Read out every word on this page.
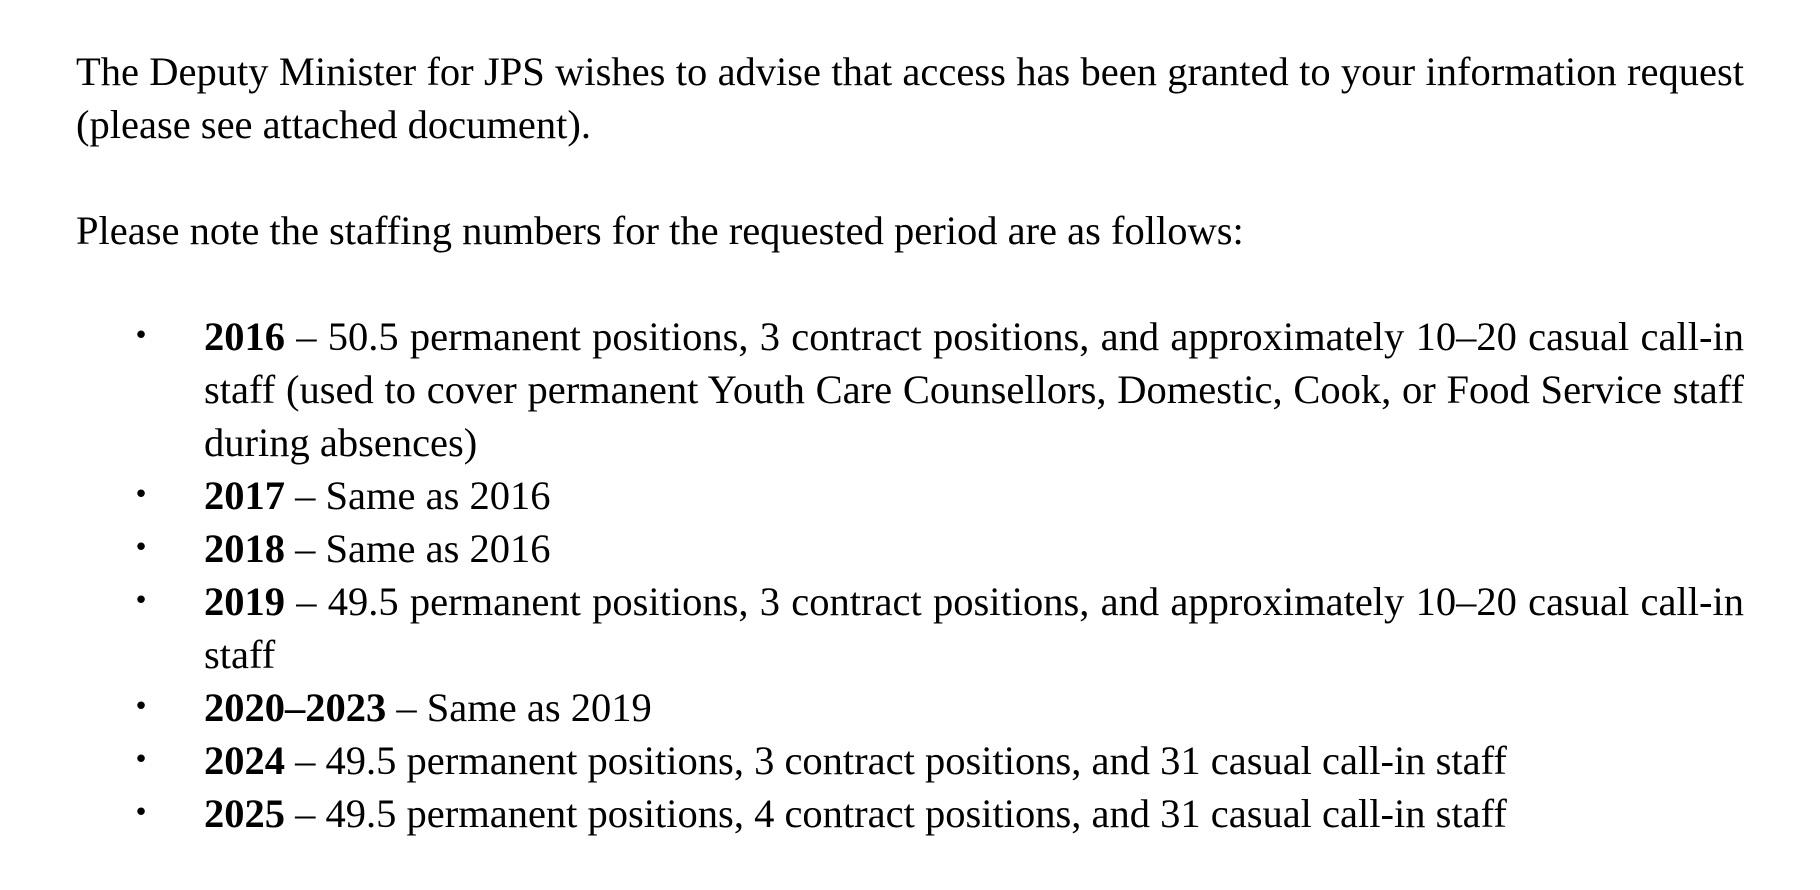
The Deputy Minister for JPS wishes to advise that access has been granted to your information request (please see attached document).

Please note the staffing numbers for the requested period are as follows:

• 2016 – 50.5 permanent positions, 3 contract positions, and approximately 10–20 casual call-in staff (used to cover permanent Youth Care Counsellors, Domestic, Cook, or Food Service staff during absences)
• 2017 – Same as 2016
• 2018 – Same as 2016
• 2019 – 49.5 permanent positions, 3 contract positions, and approximately 10–20 casual call-in staff
• 2020–2023 – Same as 2019
• 2024 – 49.5 permanent positions, 3 contract positions, and 31 casual call-in staff
• 2025 – 49.5 permanent positions, 4 contract positions, and 31 casual call-in staff
